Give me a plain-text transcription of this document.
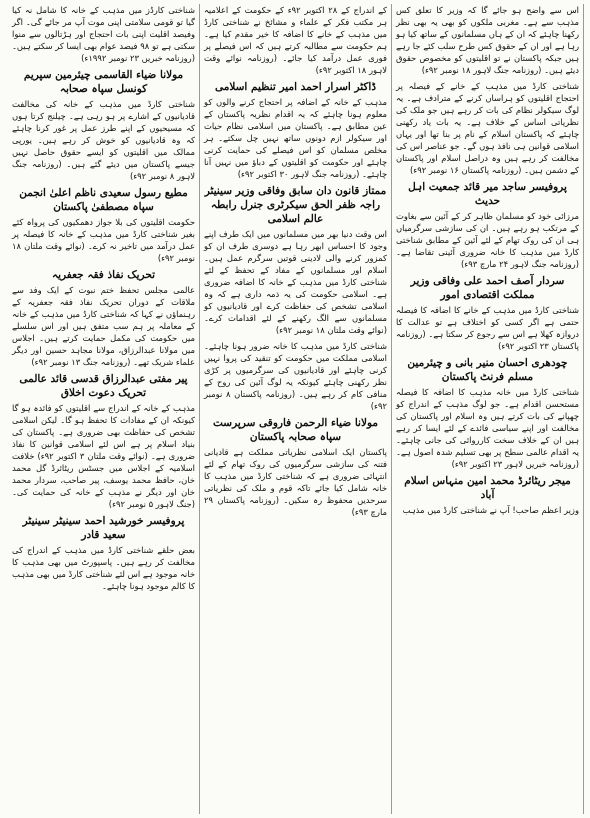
اس سے واضح ہو جائے گا کہ وزیر کا تعلق کس مذہب سے ہے۔ مغربی ملکوں کو بھی یہ بھی نظر رکھنا چاہئے کہ ان کے ہاں مسلمانوں کے ساتھ کیا ہو رہا ہے اور ان کے حقوق کس طرح سلب کئے جا رہے ہیں جبکہ پاکستان نے تو اقلیتوں کو مخصوص حقوق دیئے ہیں۔ (روزنامہ جنگ لاہور ۱۸ نومبر ۹۲ء)

شناختی کارڈ میں مذہب کے خانے کے فیصلہ پر احتجاج اقلیتوں کو ہراساں کرنے کے مترادف ہے۔ یہ لوگ سیکولر نظام کی بات کر رہے ہیں جو ملک کی نظریاتی اساس کے خلاف ہے۔ یہ بات یاد رکھنی چاہئے کہ پاکستان اسلام کے نام پر بنا تھا اور یہاں اسلامی قوانین ہی نافذ ہوں گے۔ جو عناصر اس کی مخالفت کر رہے ہیں وہ دراصل اسلام اور پاکستان کے دشمن ہیں۔ (روزنامہ پاکستان ۱۶ نومبر ۹۲ء)

پروفیسر ساجد میر قائد جمعیت اہل حدیث

مرزائی خود کو مسلمان ظاہر کر کے آئین سے بغاوت کے مرتکب ہو رہے ہیں۔ ان کی سازشی سرگرمیاں ہی ان کی روک تھام کے لئے آئین کے مطابق شناختی کارڈ میں مذہب کا خانہ ضروری آئینی تقاضا ہے۔ (روزنامہ جنگ لاہور ۲۴ مارچ ۹۳ء)

سردار آصف احمد علی وفاقی وزیر مملکت اقتصادی امور

شناختی کارڈ میں مذہب کے خانے کا اضافہ کا فیصلہ حتمی ہے اگر کسی کو اختلاف ہے تو عدالت کا دروازہ کھلا ہے اس سے رجوع کر سکتا ہے۔ (روزنامہ پاکستان ۲۳ اکتوبر ۹۲ء)

چودھری احسان منیر بانی و چیئرمین مسلم فرنٹ پاکستان

شناختی کارڈ میں خانہ مذہب کا اضافہ کا فیصلہ مستحسن اقدام ہے۔ جو لوگ مذہب کے اندراج کو چھپانے کی بات کرتے ہیں وہ اسلام اور پاکستان کی مخالفت اور اپنے سیاسی فائدے کے لئے ایسا کر رہے ہیں ان کے خلاف سخت کارروائی کی جانی چاہئے۔ یہ اقدام عالمی سطح پر بھی تسلیم شدہ اصول ہے۔ (روزنامہ خبریں لاہور ۲۳ اکتوبر ۹۲ء)

میجر ریٹائرڈ محمد امین منہاس اسلام آباد

وزیر اعظم صاحب! آپ نے شناختی کارڈ میں مذہب

کے اندراج کے ۲۸ اکتوبر ۹۲ء کے حکومت کے اعلامیہ ہر مکتب فکر کے علماء و مشائخ نے شناختی کارڈ میں مذہب کے خانے کا اضافہ کا خیر مقدم کیا ہے۔ ہم حکومت سے مطالبہ کرتے ہیں کہ اس فیصلے پر فوری عمل درآمد کیا جائے۔ (روزنامہ نوائے وقت لاہور ۱۸ اکتوبر ۹۲ء)

ڈاکٹر اسرار احمد امیر تنظیم اسلامی

مذہب کے خانہ کے اضافہ پر احتجاج کرنے والوں کو معلوم ہونا چاہئے کہ یہ اقدام نظریہ پاکستان کے عین مطابق ہے۔ پاکستان میں اسلامی نظام حیات اور سیکولر ازم دونوں ساتھ نہیں چل سکتے۔ ہر مخلص مسلمان کو اس فیصلے کی حمایت کرنی چاہئے اور حکومت کو اقلیتوں کے دباؤ میں نہیں آنا چاہئے۔ (روزنامہ جنگ لاہور ۳۰ اکتوبر ۹۲ء)

ممتاز قانون دان سابق وفاقی وزیر سینیٹر راجہ ظفر الحق سیکرٹری جنرل رابطہ عالم اسلامی

اس وقت دنیا بھر میں مسلمانوں میں ایک طرف اپنے وجود کا احساس ابھر رہا ہے دوسری طرف ان کو کمزور کرنے والی لادینی قوتیں سرگرم عمل ہیں۔ اسلام اور مسلمانوں کے مفاد کے تحفظ کے لئے شناختی کارڈ میں مذہب کے خانہ کا اضافہ ضروری ہے۔ اسلامی حکومت کی یہ ذمہ داری ہے کہ وہ اسلامی تشخص کی حفاظت کرے اور قادیانیوں کو مسلمانوں سے الگ رکھنے کے لئے اقدامات کرے۔ (نوائے وقت ملتان ۱۸ نومبر ۹۲ء)

شناختی کارڈ میں مذہب کا خانہ ضرور ہونا چاہئے۔ اسلامی مملکت میں حکومت کو تنقید کی پروا نہیں کرنی چاہئے اور قادیانیوں کی سرگرمیوں پر کڑی نظر رکھنی چاہئے کیونکہ یہ لوگ آئین کی روح کے منافی کام کر رہے ہیں۔ (روزنامہ پاکستان ۸ نومبر ۹۲ء)

مولانا ضیاء الرحمن فاروقی سرپرست سپاہ صحابہ پاکستان

پاکستان ایک اسلامی نظریاتی مملکت ہے قادیانی فتنہ کی سازشی سرگرمیوں کی روک تھام کے لئے انتہائی ضروری ہے کہ شناختی کارڈ میں مذہب کا خانہ شامل کیا جائے تاکہ قوم و ملک کی نظریاتی سرحدیں محفوظ رہ سکیں۔ (روزنامہ پاکستان ۲۹ مارچ ۹۳ء)

شناختی کارڈز میں مذہب کے خانہ کا شامل نہ کیا گیا تو قومی سلامتی اپنی موت آپ مر جائے گی۔ اگر وفیصد اقلیت اپنی بات احتجاج اور ہڑتالوں سے منوا سکتی ہے تو ۹۸ فیصد عوام بھی ایسا کر سکتے ہیں۔ (روزنامہ خبریں ۲۳ نومبر ۱۹۹۲ء)

مولانا ضیاء القاسمی چیئرمین سپریم کونسل سپاہ صحابہ

شناختی کارڈ میں مذہب کے خانہ کی مخالفت قادیانیوں کے اشارے پر ہو رہی ہے۔ چیلنج کرتا ہوں کہ مسیحیوں کے اپنے طرز عمل پر غور کرنا چاہئے کہ وہ قادیانیوں کو خوش کر رہے ہیں۔ یورپی ممالک میں اقلیتوں کو ایسے حقوق حاصل نہیں جیسے پاکستان میں دیئے گئے ہیں۔ (روزنامہ جنگ لاہور ۸ نومبر ۹۲ء)

مطیع رسول سعیدی ناظم اعلیٰ انجمن سپاہ مصطفیٰ پاکستان

حکومت اقلیتوں کی بلا جواز دھمکیوں کی پرواہ کئے بغیر شناختی کارڈ میں مذہب کے خانہ کا فیصلہ پر عمل درآمد میں تاخیر نہ کرے۔ (نوائے وقت ملتان ۱۸ نومبر ۹۲ء)

تحریک نفاذ فقہ جعفریہ

عالمی مجلس تحفظ ختم نبوت کے ایک وفد سے ملاقات کے دوران تحریک نفاذ فقہ جعفریہ کے رہنماؤں نے کہا کہ شناختی کارڈ میں مذہب کے خانہ کے معاملہ پر ہم سب متفق ہیں اور اس سلسلے میں حکومت کی مکمل حمایت کرتے ہیں۔ اجلاس میں مولانا عبدالرزاق، مولانا مجاہد حسین اور دیگر علماء شریک تھے۔ (روزنامہ جنگ ۱۳ نومبر ۹۲ء)

پیر مفتی عبدالرزاق قدسی قائد عالمی تحریک دعوت اخلاق

مذہب کے خانہ کے اندراج سے اقلیتوں کو فائدہ ہو گا کیونکہ ان کے مفادات کا تحفظ ہو گا۔ لیکن اسلامی تشخص کی حفاظت بھی ضروری ہے۔ پاکستان کی بنیاد اسلام پر ہے اس لئے اسلامی قوانین کا نفاذ ضروری ہے۔ (نوائے وقت ملتان ۳ اکتوبر ۹۲ء) خلافت اسلامیہ کے اجلاس میں جسٹس ریٹائرڈ گل محمد خان، حافظ محمد یوسف، پیر صاحب، سردار محمد خان اور دیگر نے مذہب کے خانہ کی حمایت کی۔ (جنگ لاہور ۵ نومبر ۹۲ء)

پروفیسر خورشید احمد سینیٹر سینیٹر سعید قادر

بعض حلقے شناختی کارڈ میں مذہب کے اندراج کی مخالفت کر رہے ہیں۔ پاسپورٹ میں بھی مذہب کا خانہ موجود ہے اس لئے شناختی کارڈ میں بھی مذہب کا کالم موجود ہونا چاہئے۔
